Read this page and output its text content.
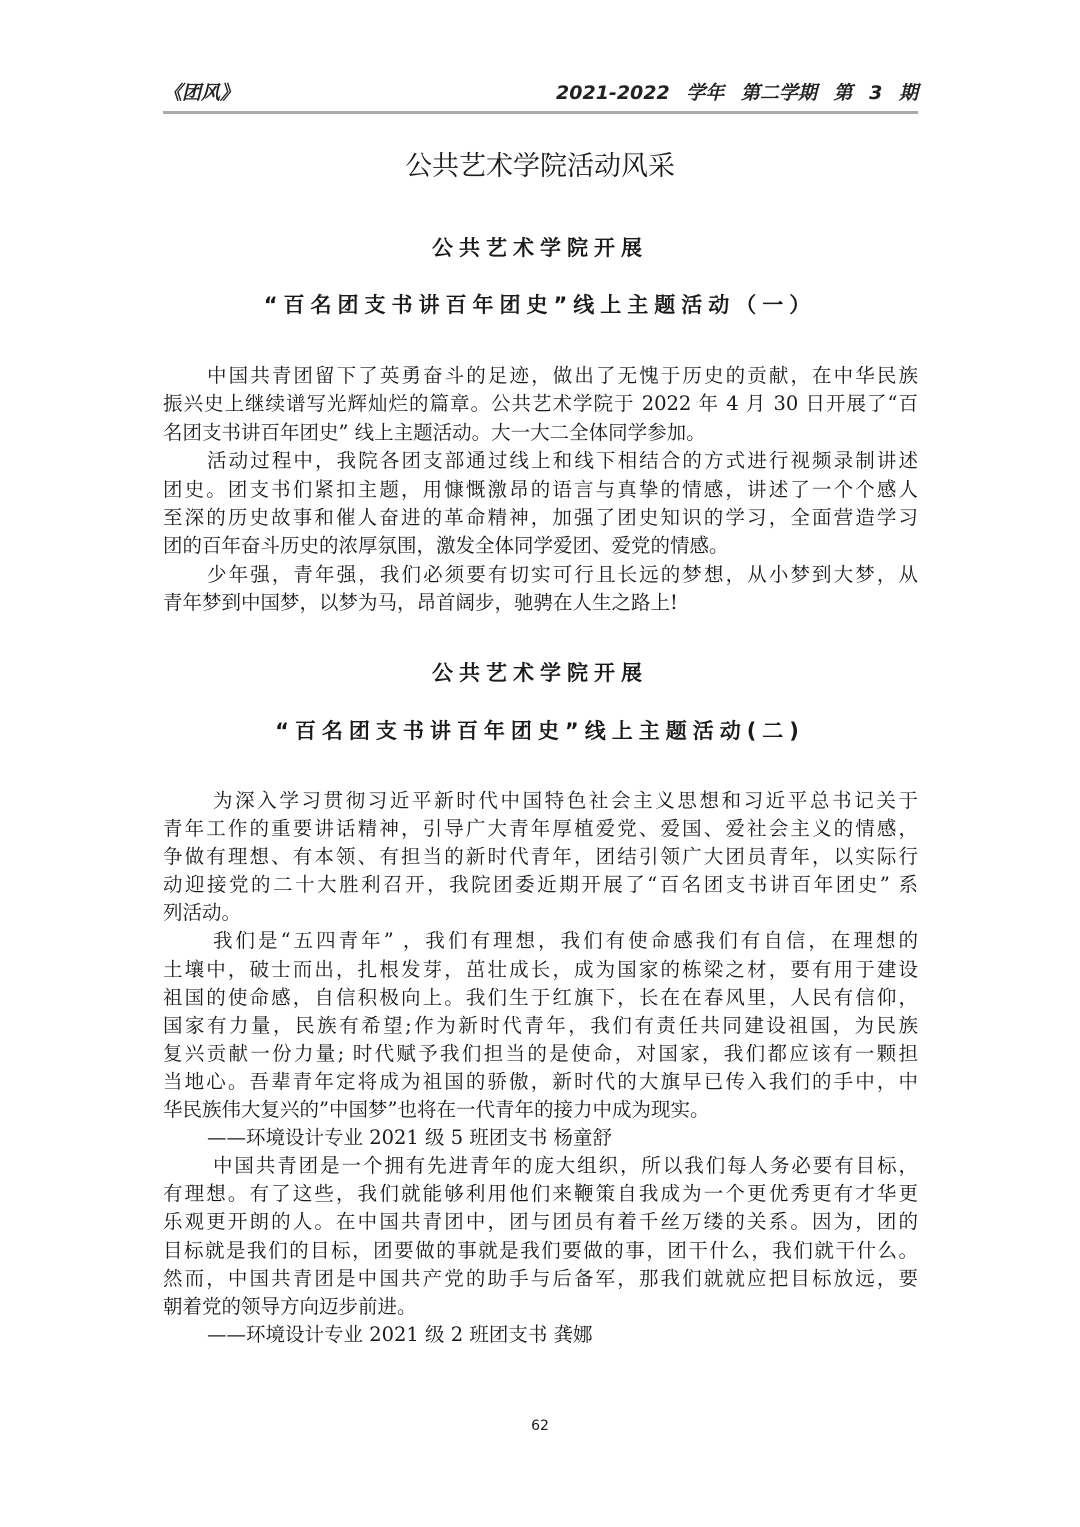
《团风》	2021-2022 学年 第二学期 第 3 期
公共艺术学院活动风采
公共艺术学院开展
“百名团支书讲百年团史”线上主题活动（一）
中国共青团留下了英勇奋斗的足迹，做出了无愧于历史的贡献，在中华民族
振兴史上继续谱写光辉灿烂的篇章。公共艺术学院于 2022 年 4 月 30 日开展了“百
名团支书讲百年团史” 线上主题活动。大一大二全体同学参加。
活动过程中，我院各团支部通过线上和线下相结合的方式进行视频录制讲述
团史。团支书们紧扣主题，用慷慨激昂的语言与真挚的情感，讲述了一个个感人
至深的历史故事和催人奋进的革命精神，加强了团史知识的学习，全面营造学习
团的百年奋斗历史的浓厚氛围，激发全体同学爱团、爱党的情感。
少年强，青年强，我们必须要有切实可行且长远的梦想，从小梦到大梦，从
青年梦到中国梦，以梦为马，昂首阔步，驰骋在人生之路上!
公共艺术学院开展
“百名团支书讲百年团史”线上主题活动(二)
为深入学习贯彻习近平新时代中国特色社会主义思想和习近平总书记关于
青年工作的重要讲话精神，引导广大青年厚植爱党、爱国、爱社会主义的情感，
争做有理想、有本领、有担当的新时代青年，团结引领广大团员青年，以实际行
动迎接党的二十大胜利召开，我院团委近期开展了“百名团支书讲百年团史” 系
列活动。
我们是“五四青年” ，我们有理想，我们有使命感我们有自信，在理想的
土壤中，破士而出，扎根发芽，茁壮成长，成为国家的栋梁之材，要有用于建设
祖国的使命感，自信积极向上。我们生于红旗下，长在在春风里，人民有信仰，
国家有力量，民族有希望;作为新时代青年，我们有责任共同建设祖国，为民族
复兴贡献一份力量; 时代赋予我们担当的是使命，对国家，我们都应该有一颗担
当地心。吾辈青年定将成为祖国的骄傲，新时代的大旗早已传入我们的手中，中
华民族伟大复兴的”中国梦”也将在一代青年的接力中成为现实。
——环境设计专业 2021 级 5 班团支书 杨童舒
中国共青团是一个拥有先进青年的庞大组织，所以我们每人务必要有目标，
有理想。有了这些，我们就能够利用他们来鞭策自我成为一个更优秀更有才华更
乐观更开朗的人。在中国共青团中，团与团员有着千丝万缕的关系。因为，团的
目标就是我们的目标，团要做的事就是我们要做的事，团干什么，我们就干什么。
然而，中国共青团是中国共产党的助手与后备军，那我们就就应把目标放远，要
朝着党的领导方向迈步前进。
——环境设计专业 2021 级 2 班团支书 龚娜
62
